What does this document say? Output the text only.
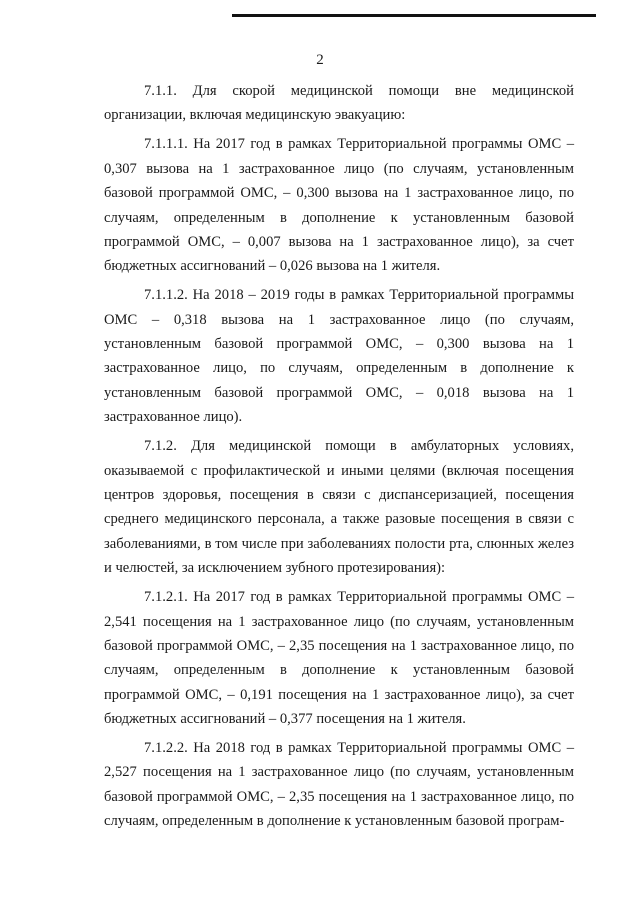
2

7.1.1. Для скорой медицинской помощи вне медицинской организации, включая медицинскую эвакуацию:

7.1.1.1. На 2017 год в рамках Территориальной программы ОМС – 0,307 вызова на 1 застрахованное лицо (по случаям, установленным базовой программой ОМС, – 0,300 вызова на 1 застрахованное лицо, по случаям, определенным в дополнение к установленным базовой программой ОМС, – 0,007 вызова на 1 застрахованное лицо), за счет бюджетных ассигнований – 0,026 вызова на 1 жителя.

7.1.1.2. На 2018 – 2019 годы в рамках Территориальной программы ОМС – 0,318 вызова на 1 застрахованное лицо (по случаям, установленным базовой программой ОМС, – 0,300 вызова на 1 застрахованное лицо, по случаям, определенным в дополнение к установленным базовой программой ОМС, – 0,018 вызова на 1 застрахованное лицо).

7.1.2. Для медицинской помощи в амбулаторных условиях, оказываемой с профилактической и иными целями (включая посещения центров здоровья, посещения в связи с диспансеризацией, посещения среднего медицинского персонала, а также разовые посещения в связи с заболеваниями, в том числе при заболеваниях полости рта, слюнных желез и челюстей, за исключением зубного протезирования):

7.1.2.1. На 2017 год в рамках Территориальной программы ОМС – 2,541 посещения на 1 застрахованное лицо (по случаям, установленным базовой программой ОМС, – 2,35 посещения на 1 застрахованное лицо, по случаям, определенным в дополнение к установленным базовой программой ОМС, – 0,191 посещения на 1 застрахованное лицо), за счет бюджетных ассигнований – 0,377 посещения на 1 жителя.

7.1.2.2. На 2018 год в рамках Территориальной программы ОМС – 2,527 посещения на 1 застрахованное лицо (по случаям, установленным базовой программой ОМС, – 2,35 посещения на 1 застрахованное лицо, по случаям, определенным в дополнение к установленным базовой програм-
